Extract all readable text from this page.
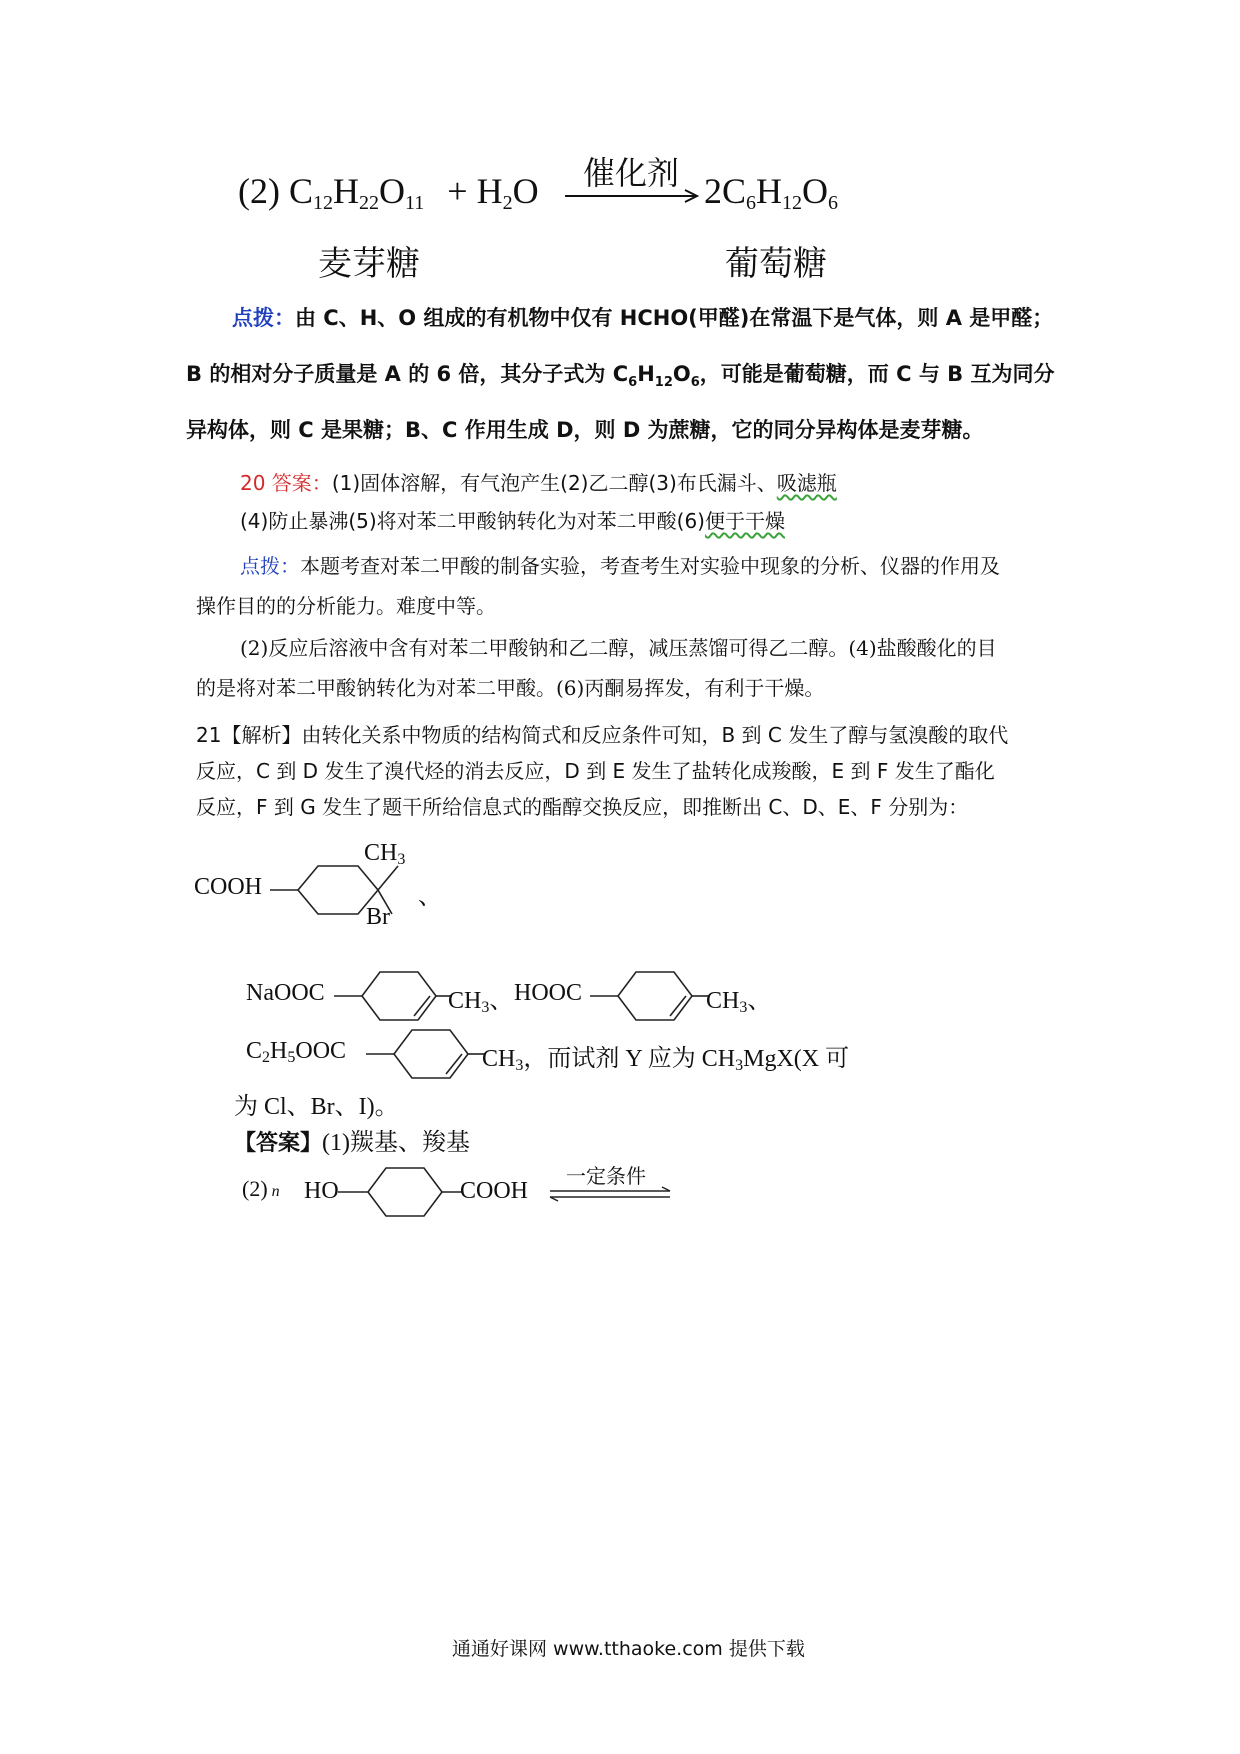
(2) $C_{12}H_{22}O_{11} + H_2O$ 催化剂 $2C_6H_{12}O_6$
麦芽糖	葡萄糖
点拨：由 C、H、O 组成的有机物中仅有 HCHO(甲醛)在常温下是气体，则 A 是甲醛；
B 的相对分子质量是 A 的 6 倍，其分子式为 $C_6H_{12}O_6$，可能是葡萄糖，而 C 与 B 互为同分
异构体，则 C 是果糖；B、C 作用生成 D，则 D 为蔗糖，它的同分异构体是麦芽糖。
20 答案：(1)固体溶解，有气泡产生(2)乙二醇(3)布氏漏斗、吸滤瓶
(4)防止暴沸(5)将对苯二甲酸钠转化为对苯二甲酸(6)便于干燥
点拨：本题考查对苯二甲酸的制备实验，考查考生对实验中现象的分析、仪器的作用及
操作目的的分析能力。难度中等。
(2)反应后溶液中含有对苯二甲酸钠和乙二醇，减压蒸馏可得乙二醇。(4)盐酸酸化的目
的是将对苯二甲酸钠转化为对苯二甲酸。(6)丙酮易挥发，有利于干燥。
21【解析】由转化关系中物质的结构简式和反应条件可知，B 到 C 发生了醇与氢溴酸的取代
反应，C 到 D 发生了溴代烃的消去反应，D 到 E 发生了盐转化成羧酸，E 到 F 发生了酯化
反应，F 到 G 发生了题干所给信息式的酯醇交换反应，即推断出 C、D、E、F 分别为：
COOH
$CH_3$
Br
、
NaOOC	$CH_3$、 HOOC	$CH_3$、
$C_2H_5OOC$	$CH_3$，而试剂 Y 应为 $CH_3MgX(X$ 可
为 Cl、Br、I)。
【答案】(1)羰基、羧基
(2) n HO	COOH
一定条件
通通好课网 www.tthaoke.com 提供下载
